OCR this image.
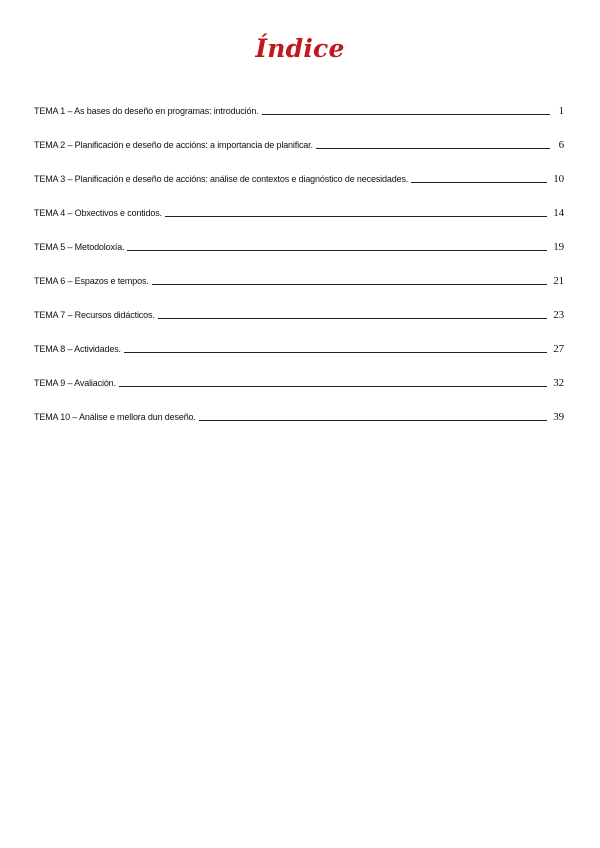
Índice
TEMA 1 – As bases do deseño en programas: introdución.	1
TEMA 2 – Planificación e deseño de accións: a importancia de planificar.	6
TEMA 3 – Planificación e deseño de accións: análise de contextos e diagnóstico de necesidades.	10
TEMA 4 – Obxectivos e contidos.	14
TEMA 5 – Metodoloxía.	19
TEMA 6 – Espazos e tempos.	21
TEMA 7 – Recursos didácticos.	23
TEMA 8 – Actividades.	27
TEMA 9 – Avaliación.	32
TEMA 10 – Análise e mellora dun deseño.	39
